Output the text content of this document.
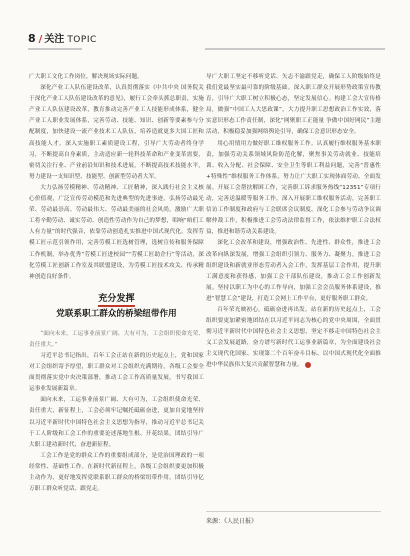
8 / 关注 TOPIC

广大职工文化工作岗位，解决现场实际问题。

深化产业工人队伍建设改革，认真贯彻落实《中共中央 国务院关于深化产业工人队伍建设改革的意见》，履行工会牵头抓总职责，实施产业工人队伍建设改革，教育推动完善产业工人技能形成体系，健全产业工人职业发展体系，完善劳动、技能、知识、创新等要素参与分配制度，加快建设一流产业技术工人队伍，培养造就更多大国工匠和高技能人才。深入实施职工素质建设工程，引导广大劳动者终身学习，不断提高自身素质，主动适应新一轮科技革命和产业变革需要，密切关注行业、产业前沿知识和技术进展，不断提高技术技能水平，努力建设一支知识型、技能型、创新型劳动者大军。

大力弘扬劳模精神、劳动精神、工匠精神，深入践行社会主义核心价值观，广泛宣传劳动模范和先进典型的先进事迹，弘扬劳动最光荣、劳动最崇高、劳动最伟大、劳动最美丽的社会风尚，激励广大职工将辛勤劳动、诚实劳动、创造性劳动作为自己的梦想，唱响“咱们工人有力量”的时代强音，依靠劳动创造扎实推进中国式现代化。发挥劳模工匠示范引领作用，完善劳模工匠选树管理，选树宣传和服务保障工作机制，举办优秀“劳模工匠进校园”“劳模工匠助企行”等活动，深化劳模工匠创新工作室及其联盟建设，为劳模工匠技术攻关、传承精神创造良好条件。

充分发挥
党联系职工群众的桥梁纽带作用

“面向未来，工运事业前景广阔、大有可为，工会组织使命光荣、责任重大。”

习近平总书记指出，百年工会正站在新的历史起点上，党和国家对工会组织寄予厚望，职工群众对工会组织充满期待。各级工会要全面贯彻落实党中央决策部署，推动工会工作高质量发展，书写我国工运事业发展新篇章。

面向未来，工运事业前景广阔、大有可为，工会组织使命光荣、责任重大，新征程上，工会必须牢记嘱托砥砺奋进，更加自觉地坚持以习近平新时代中国特色社会主义思想为指导，推动习近平总书记关于工人阶级和工会工作的重要论述落地生根、开花结果，团结引导广大职工建功新时代、奋进新征程。

工会工作是党的群众工作的重要组成部分，是党治国理政的一项经常性、基础性工作。在新时代新征程上，各级工会组织要更加积极主动作为，更好地发挥党联系职工群众的桥梁纽带作用，团结引导亿万职工群众听党话、跟党走。

导广大职工坚定不移听党话、矢志不渝跟党走，确保工人阶级始终是我们党最坚实最可靠的阶级基础。深入职工群众开展形势政策宣传教育，引导广大职工树立积极心态，坚定发展信心。构建工会大宣传格局，做强“中国工人大思政课”，大力提升职工思想政治工作实效，落实意识形态工作责任制，深化“网聚职工正能量 争做中国好网民”主题活动，积极稳妥加强网络舆论引导，确保工会意识形态安全。

用心用情用力做好职工维权服务工作。认真履行维权服务基本职责，加强劳动关系领域风险防范化解，聚焦事关劳动就业、技能培训、收入分配、社会保障、安全卫生等职工利益问题，完善“普惠性+特殊性”维权服务工作体系，努力让广大职工实现体面劳动、全面发展。开展工会帮扶解困工作，完善职工诉求服务热线“12351”专项行动，完善送温暖等服务工作。深入开展职工维权服务活动，完善职工信访工作制度和政府与工会联席会议制度，深化工会参与劳动争议调解仲裁工作，积极推进工会劳动法律监督工作，依法维护职工合法权益，推进和谐劳动关系建设。

深化工会改革和建设，增强政治性、先进性、群众性，推进工会改革向纵深发展，增强工会组织引领力、服务力、凝聚力，推进工会组织建设和新就业形态劳动者入会工作，发挥基层工会作用，提升职工满意度和获得感，加强工会干部队伍建设，推动工会工作创新发展。坚持以职工为中心的工作导向，加强工会会员服务体系建设，推进“智慧工会”建设，打造工会网上工作平台，更好服务职工群众。

百年荣光映初心，砥砺奋进再出发。站在新的历史起点上，工会组织要更加紧密地团结在以习近平同志为核心的党中央周围，全面贯彻习近平新时代中国特色社会主义思想，坚定不移走中国特色社会主义工会发展道路，奋力谱写新时代工运事业新篇章，为全面建设社会主义现代化国家、实现第二个百年奋斗目标、以中国式现代化全面推进中华民族伟大复兴贡献智慧和力量。

来源：《人民日报》
